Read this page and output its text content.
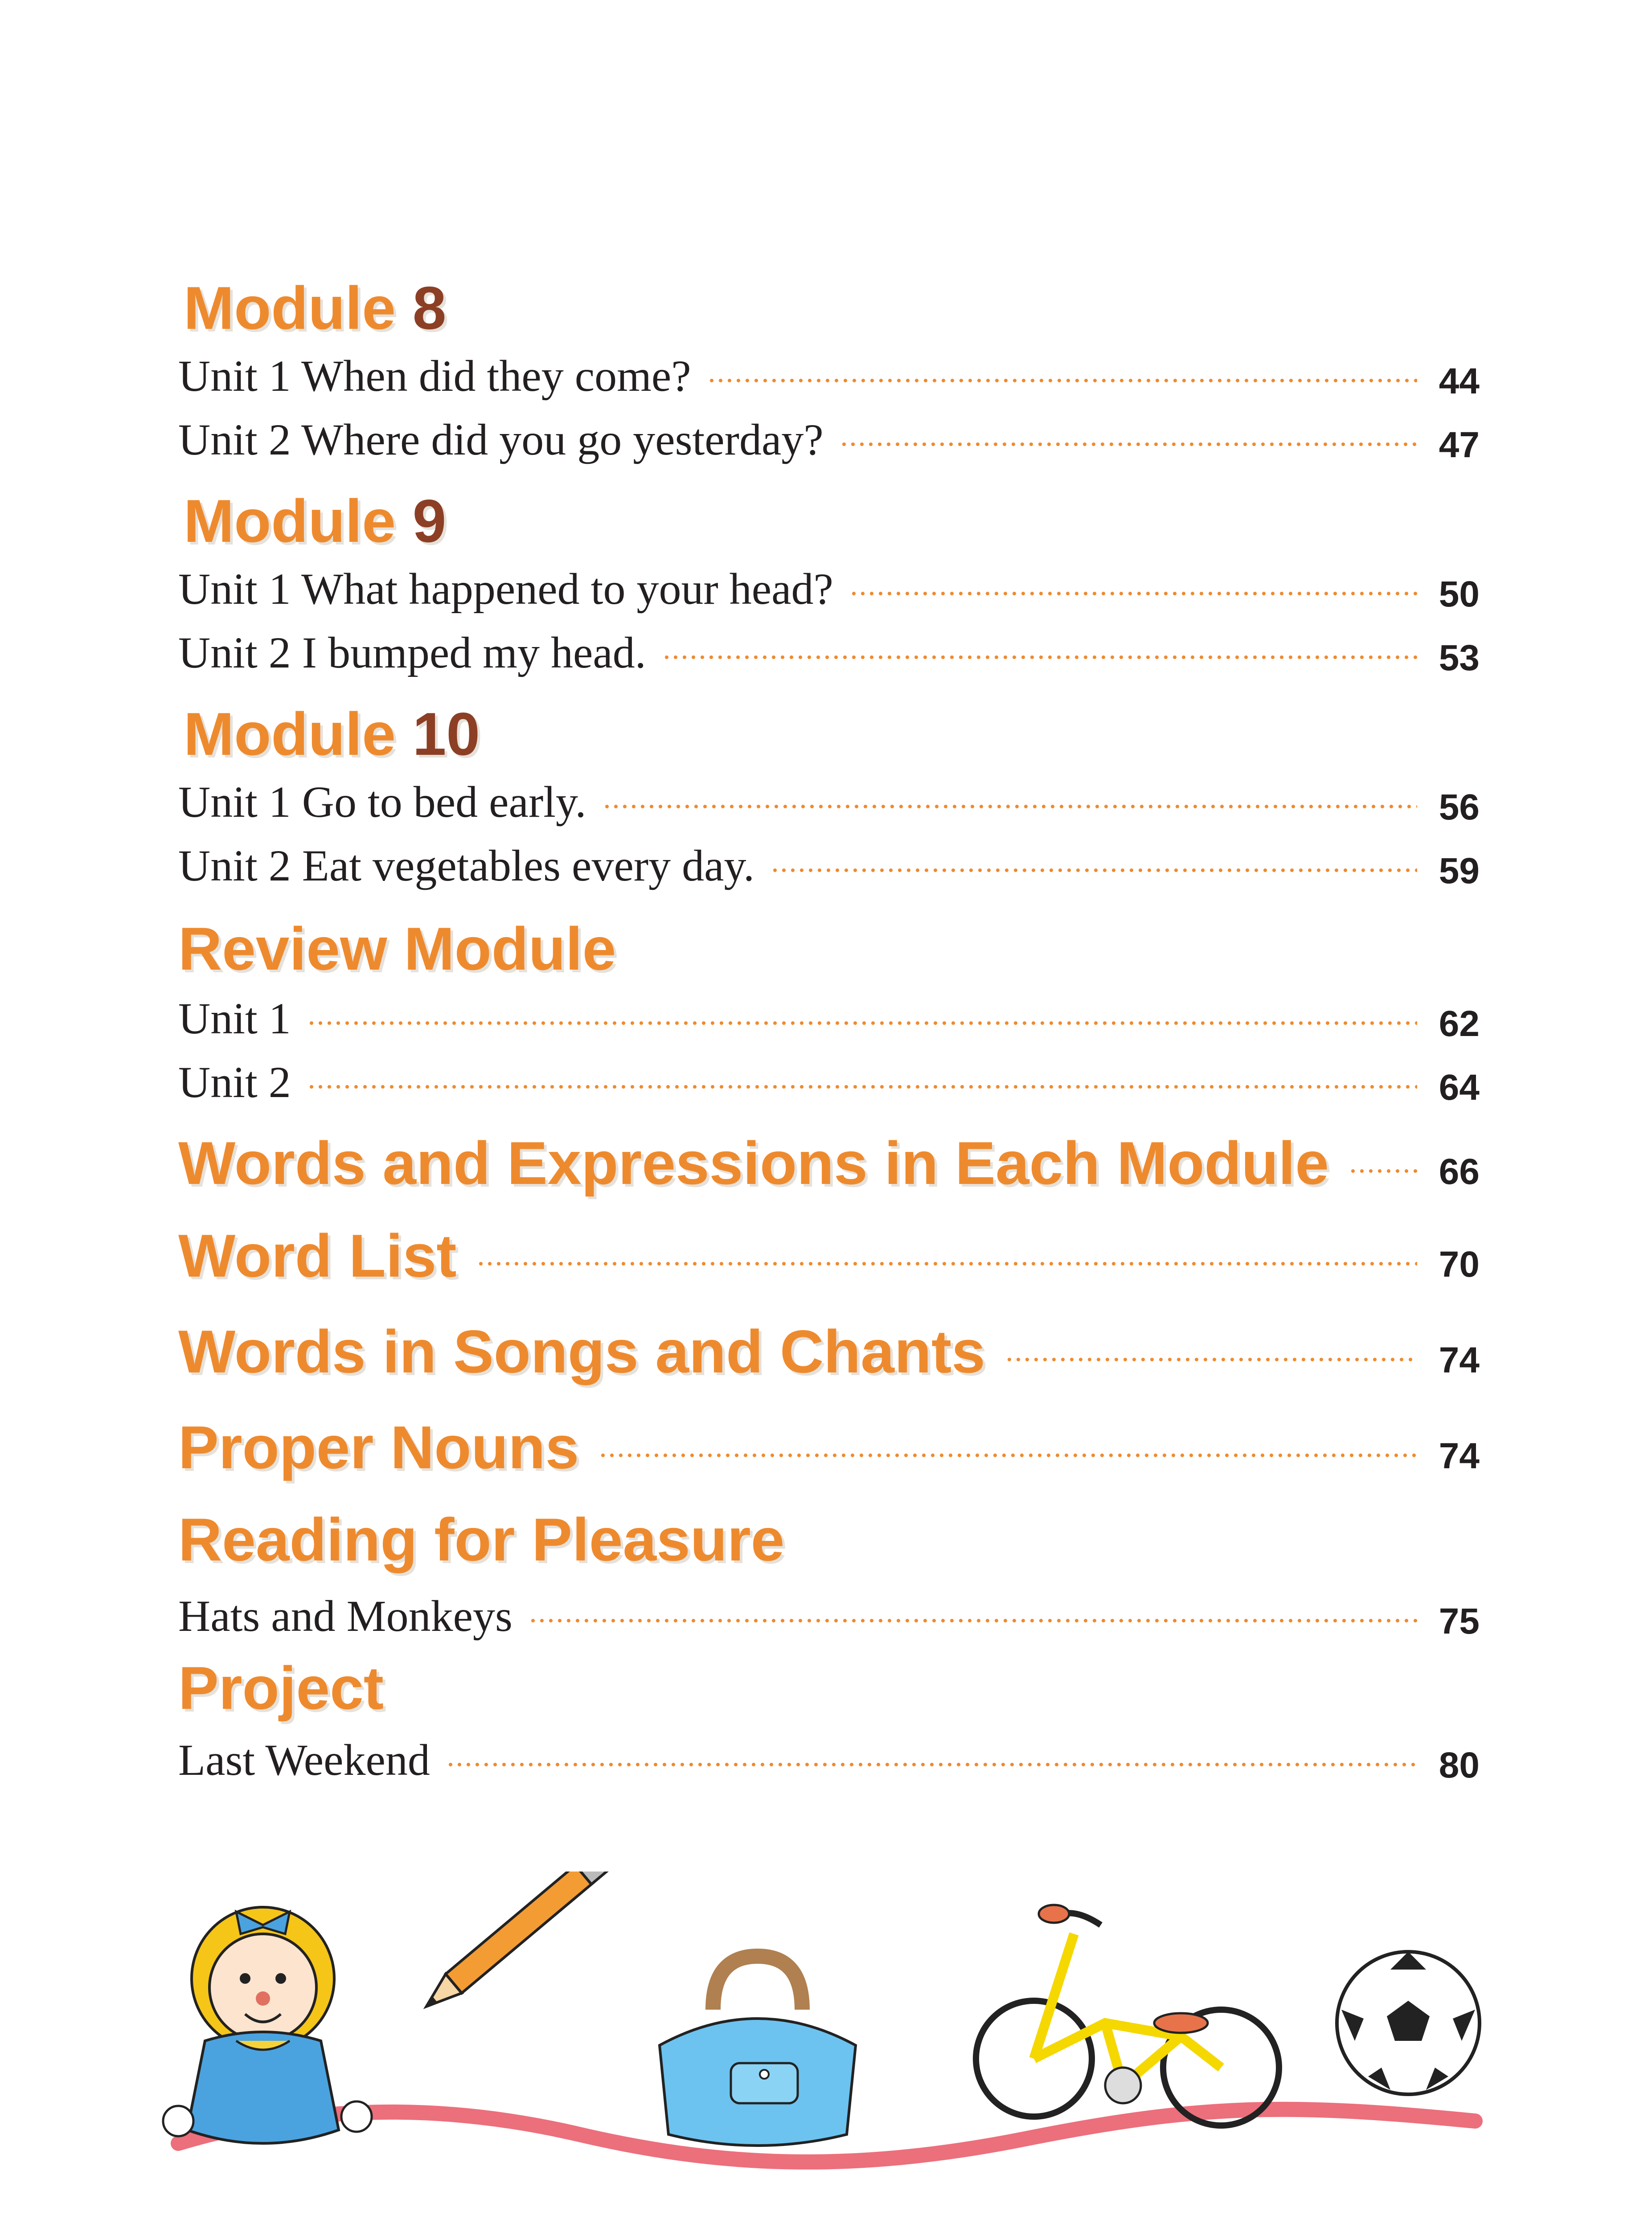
Module
8
Unit 1 When did they come?	44
Unit 2 Where did you go yesterday?	47
Module
9
Unit 1 What happened to your head?	50
Unit 2 I bumped my head.	53
Module
10
Unit 1 Go to bed early.	56
Unit 2 Eat vegetables every day.	59
Review Module
Unit 1	62
Unit 2	64
Words and Expressions in Each Module	66
Word List	70
Words in Songs and Chants	74
Proper Nouns	74
Reading for Pleasure
Hats and Monkeys	75
Project
Last Weekend	80
